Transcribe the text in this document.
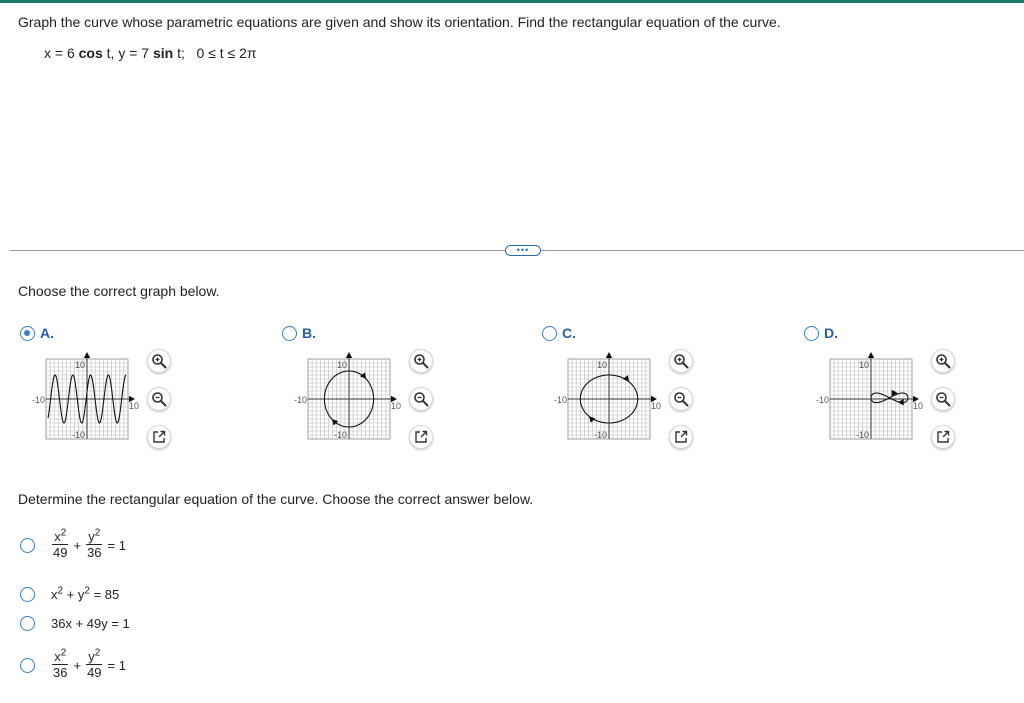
Graph the curve whose parametric equations are given and show its orientation. Find the rectangular equation of the curve.
x = 6 cos t, y = 7 sin t; 0 ≤ t ≤ 2π
•••
Choose the correct graph below.
A.
10
-10
-10
10
B.
10
-10
-10
10
C.
10
-10
-10
10
D.
10
-10
-10
10
Determine the rectangular equation of the curve. Choose the correct answer below.
$\frac{x^2}{49} + \frac{y^2}{36} = 1$
$x^2 + y^2 = 85$
36x + 49y = 1
$\frac{x^2}{36} + \frac{y^2}{49} = 1$
